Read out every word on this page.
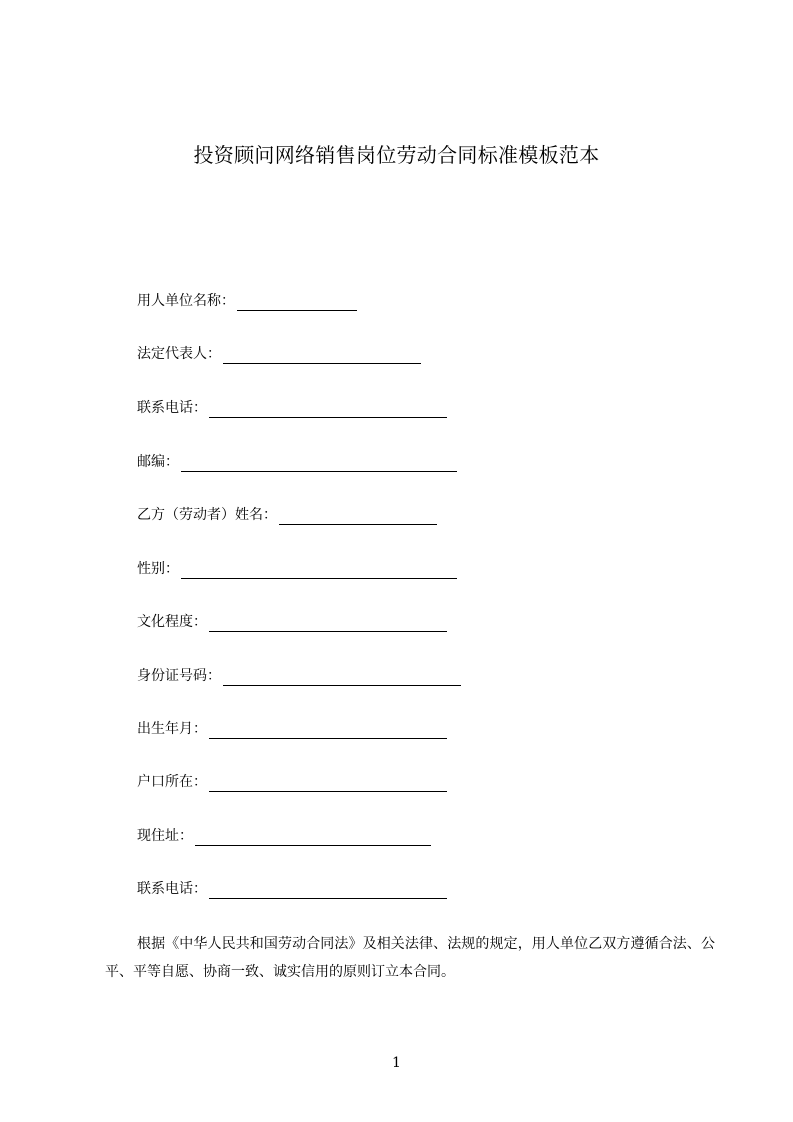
投资顾问网络销售岗位劳动合同标准模板范本
用人单位名称：
法定代表人：
联系电话：
邮编：
乙方（劳动者）姓名：
性别：
文化程度：
身份证号码：
出生年月：
户口所在：
现住址：
联系电话：
根据《中华人民共和国劳动合同法》及相关法律、法规的规定，用人单位乙双方遵循合法、公平、平等自愿、协商一致、诚实信用的原则订立本合同。
1
